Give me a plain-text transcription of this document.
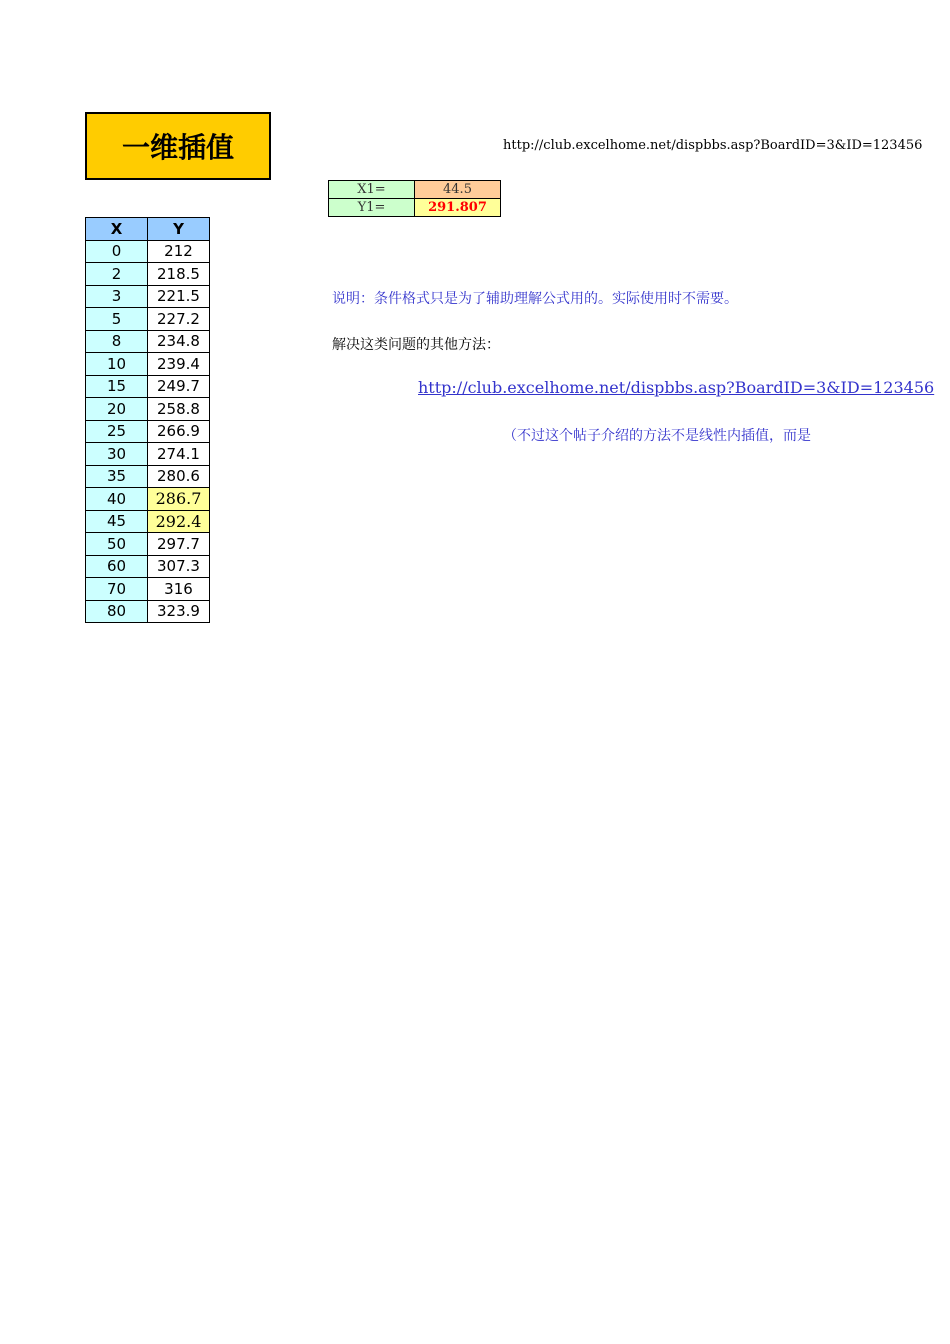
一维插值	http://club.excelhome.net/dispbbs.asp?BoardID=3&ID=123456
X1=	44.5
Y1=	291.807
X	Y
0	212
2	218.5
3	221.5
5	227.2
8	234.8
10	239.4
15	249.7
20	258.8
25	266.9
30	274.1
35	280.6
40	286.7
45	292.4
50	297.7
60	307.3
70	316
80	323.9
说明：条件格式只是为了辅助理解公式用的。实际使用时不需要。
解决这类问题的其他方法：
http://club.excelhome.net/dispbbs.asp?BoardID=3&ID=123456
（不过这个帖子介绍的方法不是线性内插值，而是
